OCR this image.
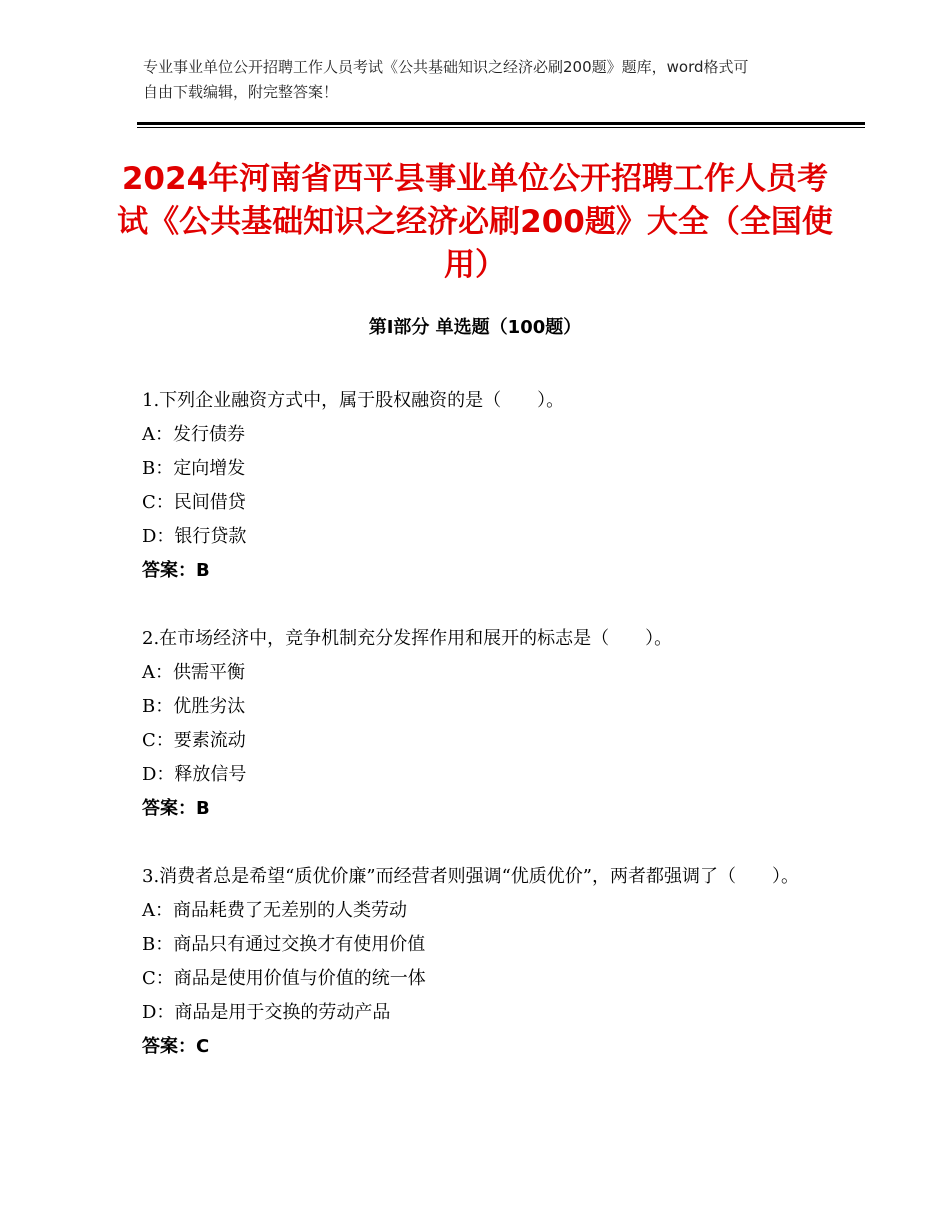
专业事业单位公开招聘工作人员考试《公共基础知识之经济必刷200题》题库，word格式可自由下载编辑，附完整答案！
2024年河南省西平县事业单位公开招聘工作人员考试《公共基础知识之经济必刷200题》大全（全国使用）
第Ⅰ部分 单选题（100题）
1.下列企业融资方式中，属于股权融资的是（　　）。
A：发行债券
B：定向增发
C：民间借贷
D：银行贷款
答案：B
2.在市场经济中，竞争机制充分发挥作用和展开的标志是（　　）。
A：供需平衡
B：优胜劣汰
C：要素流动
D：释放信号
答案：B
3.消费者总是希望“质优价廉”而经营者则强调“优质优价”，两者都强调了（　　）。
A：商品耗费了无差别的人类劳动
B：商品只有通过交换才有使用价值
C：商品是使用价值与价值的统一体
D：商品是用于交换的劳动产品
答案：C
